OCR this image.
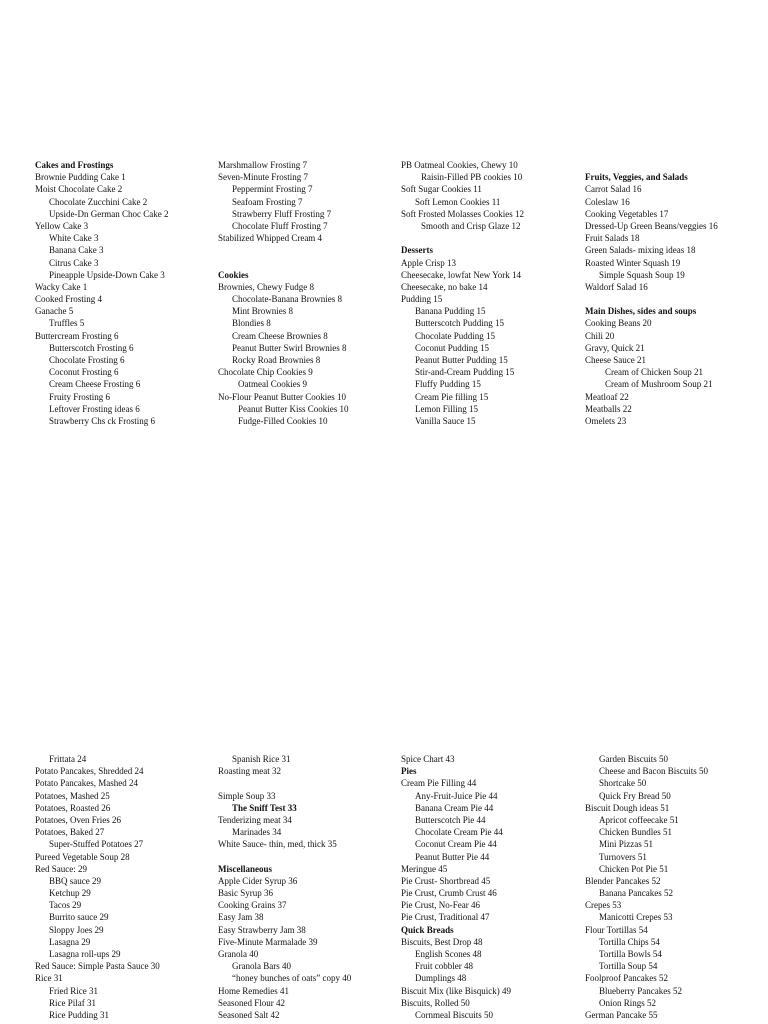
Cakes and Frostings
Brownie Pudding Cake 1
Moist Chocolate Cake 2
Chocolate Zucchini Cake 2
Upside-Dn German Choc Cake 2
Yellow Cake 3
White Cake 3
Banana Cake 3
Citrus Cake 3
Pineapple Upside-Down Cake 3
Wacky Cake 1
Cooked Frosting 4
Ganache 5
Truffles 5
Buttercream Frosting 6
Butterscotch Frosting 6
Chocolate Frosting 6
Coconut Frosting 6
Cream Cheese Frosting 6
Fruity Frosting 6
Leftover Frosting ideas 6
Strawberry Chs ck Frosting 6
Marshmallow Frosting 7
Seven-Minute Frosting 7
Peppermint Frosting 7
Seafoam Frosting 7
Strawberry Fluff Frosting 7
Chocolate Fluff Frosting 7
Stabilized Whipped Cream 4
Cookies
Brownies, Chewy Fudge 8
Chocolate-Banana Brownies 8
Mint Brownies 8
Blondies 8
Cream Cheese Brownies 8
Peanut Butter Swirl Brownies 8
Rocky Road Brownies 8
Chocolate Chip Cookies 9
Oatmeal Cookies 9
No-Flour Peanut Butter Cookies 10
Peanut Butter Kiss Cookies 10
Fudge-Filled Cookies 10
PB Oatmeal Cookies, Chewy 10
Raisin-Filled PB cookies 10
Soft Sugar Cookies 11
Soft Lemon Cookies 11
Soft Frosted Molasses Cookies 12
Smooth and Crisp Glaze 12
Desserts
Apple Crisp 13
Cheesecake, lowfat New York 14
Cheesecake, no bake 14
Pudding 15
Banana Pudding 15
Butterscotch Pudding 15
Chocolate Pudding 15
Coconut Pudding 15
Peanut Butter Pudding 15
Stir-and-Cream Pudding 15
Fluffy Pudding 15
Cream Pie filling 15
Lemon Filling 15
Vanilla Sauce 15
Fruits, Veggies, and Salads
Carrot Salad 16
Coleslaw 16
Cooking Vegetables 17
Dressed-Up Green Beans/veggies 16
Fruit Salads 18
Green Salads- mixing ideas 18
Roasted Winter Squash 19
Simple Squash Soup 19
Waldorf Salad 16
Main Dishes, sides and soups
Cooking Beans 20
Chili 20
Gravy, Quick 21
Cheese Sauce 21
Cream of Chicken Soup 21
Cream of Mushroom Soup 21
Meatloaf 22
Meatballs 22
Omelets 23
Frittata 24
Potato Pancakes, Shredded 24
Potato Pancakes, Mashed 24
Potatoes, Mashed 25
Potatoes, Roasted 26
Potatoes, Oven Fries 26
Potatoes, Baked 27
Super-Stuffed Potatoes 27
Pureed Vegetable Soup 28
Red Sauce: 29
BBQ sauce 29
Ketchup 29
Tacos 29
Burrito sauce 29
Sloppy Joes 29
Lasagna 29
Lasagna roll-ups 29
Red Sauce: Simple Pasta Sauce 30
Rice 31
Fried Rice 31
Rice Pilaf 31
Rice Pudding 31
Spanish Rice 31
Roasting meat 32
Simple Soup 33
The Sniff Test 33
Tenderizing meat 34
Marinades 34
White Sauce- thin, med, thick 35
Miscellaneous
Apple Cider Syrup 36
Basic Syrup 36
Cooking Grains 37
Easy Jam 38
Easy Strawberry Jam 38
Five-Minute Marmalade 39
Granola 40
Granola Bars 40
“honey bunches of oats” copy 40
Home Remedies 41
Seasoned Flour 42
Seasoned Salt 42
Spice Chart 43
Pies
Cream Pie Filling 44
Any-Fruit-Juice Pie 44
Banana Cream Pie 44
Butterscotch Pie 44
Chocolate Cream Pie 44
Coconut Cream Pie 44
Peanut Butter Pie 44
Meringue 45
Pie Crust- Shortbread 45
Pie Crust, Crumb Crust 46
Pie Crust, No-Fear 46
Pie Crust, Traditional 47
Quick Breads
Biscuits, Best Drop 48
English Scones 48
Fruit cobbler 48
Dumplings 48
Biscuit Mix (like Bisquick) 49
Biscuits, Rolled 50
Cornmeal Biscuits 50
Garden Biscuits 50
Cheese and Bacon Biscuits 50
Shortcake 50
Quick Fry Bread 50
Biscuit Dough ideas 51
Apricot coffeecake 51
Chicken Bundles 51
Mini Pizzas 51
Turnovers 51
Chicken Pot Pie 51
Blender Pancakes 52
Banana Pancakes 52
Crepes 53
Manicotti Crepes 53
Flour Tortillas 54
Tortilla Chips 54
Tortilla Bowls 54
Tortilla Soup 54
Foolproof Pancakes 52
Blueberry Pancakes 52
Onion Rings 52
German Pancake 55
